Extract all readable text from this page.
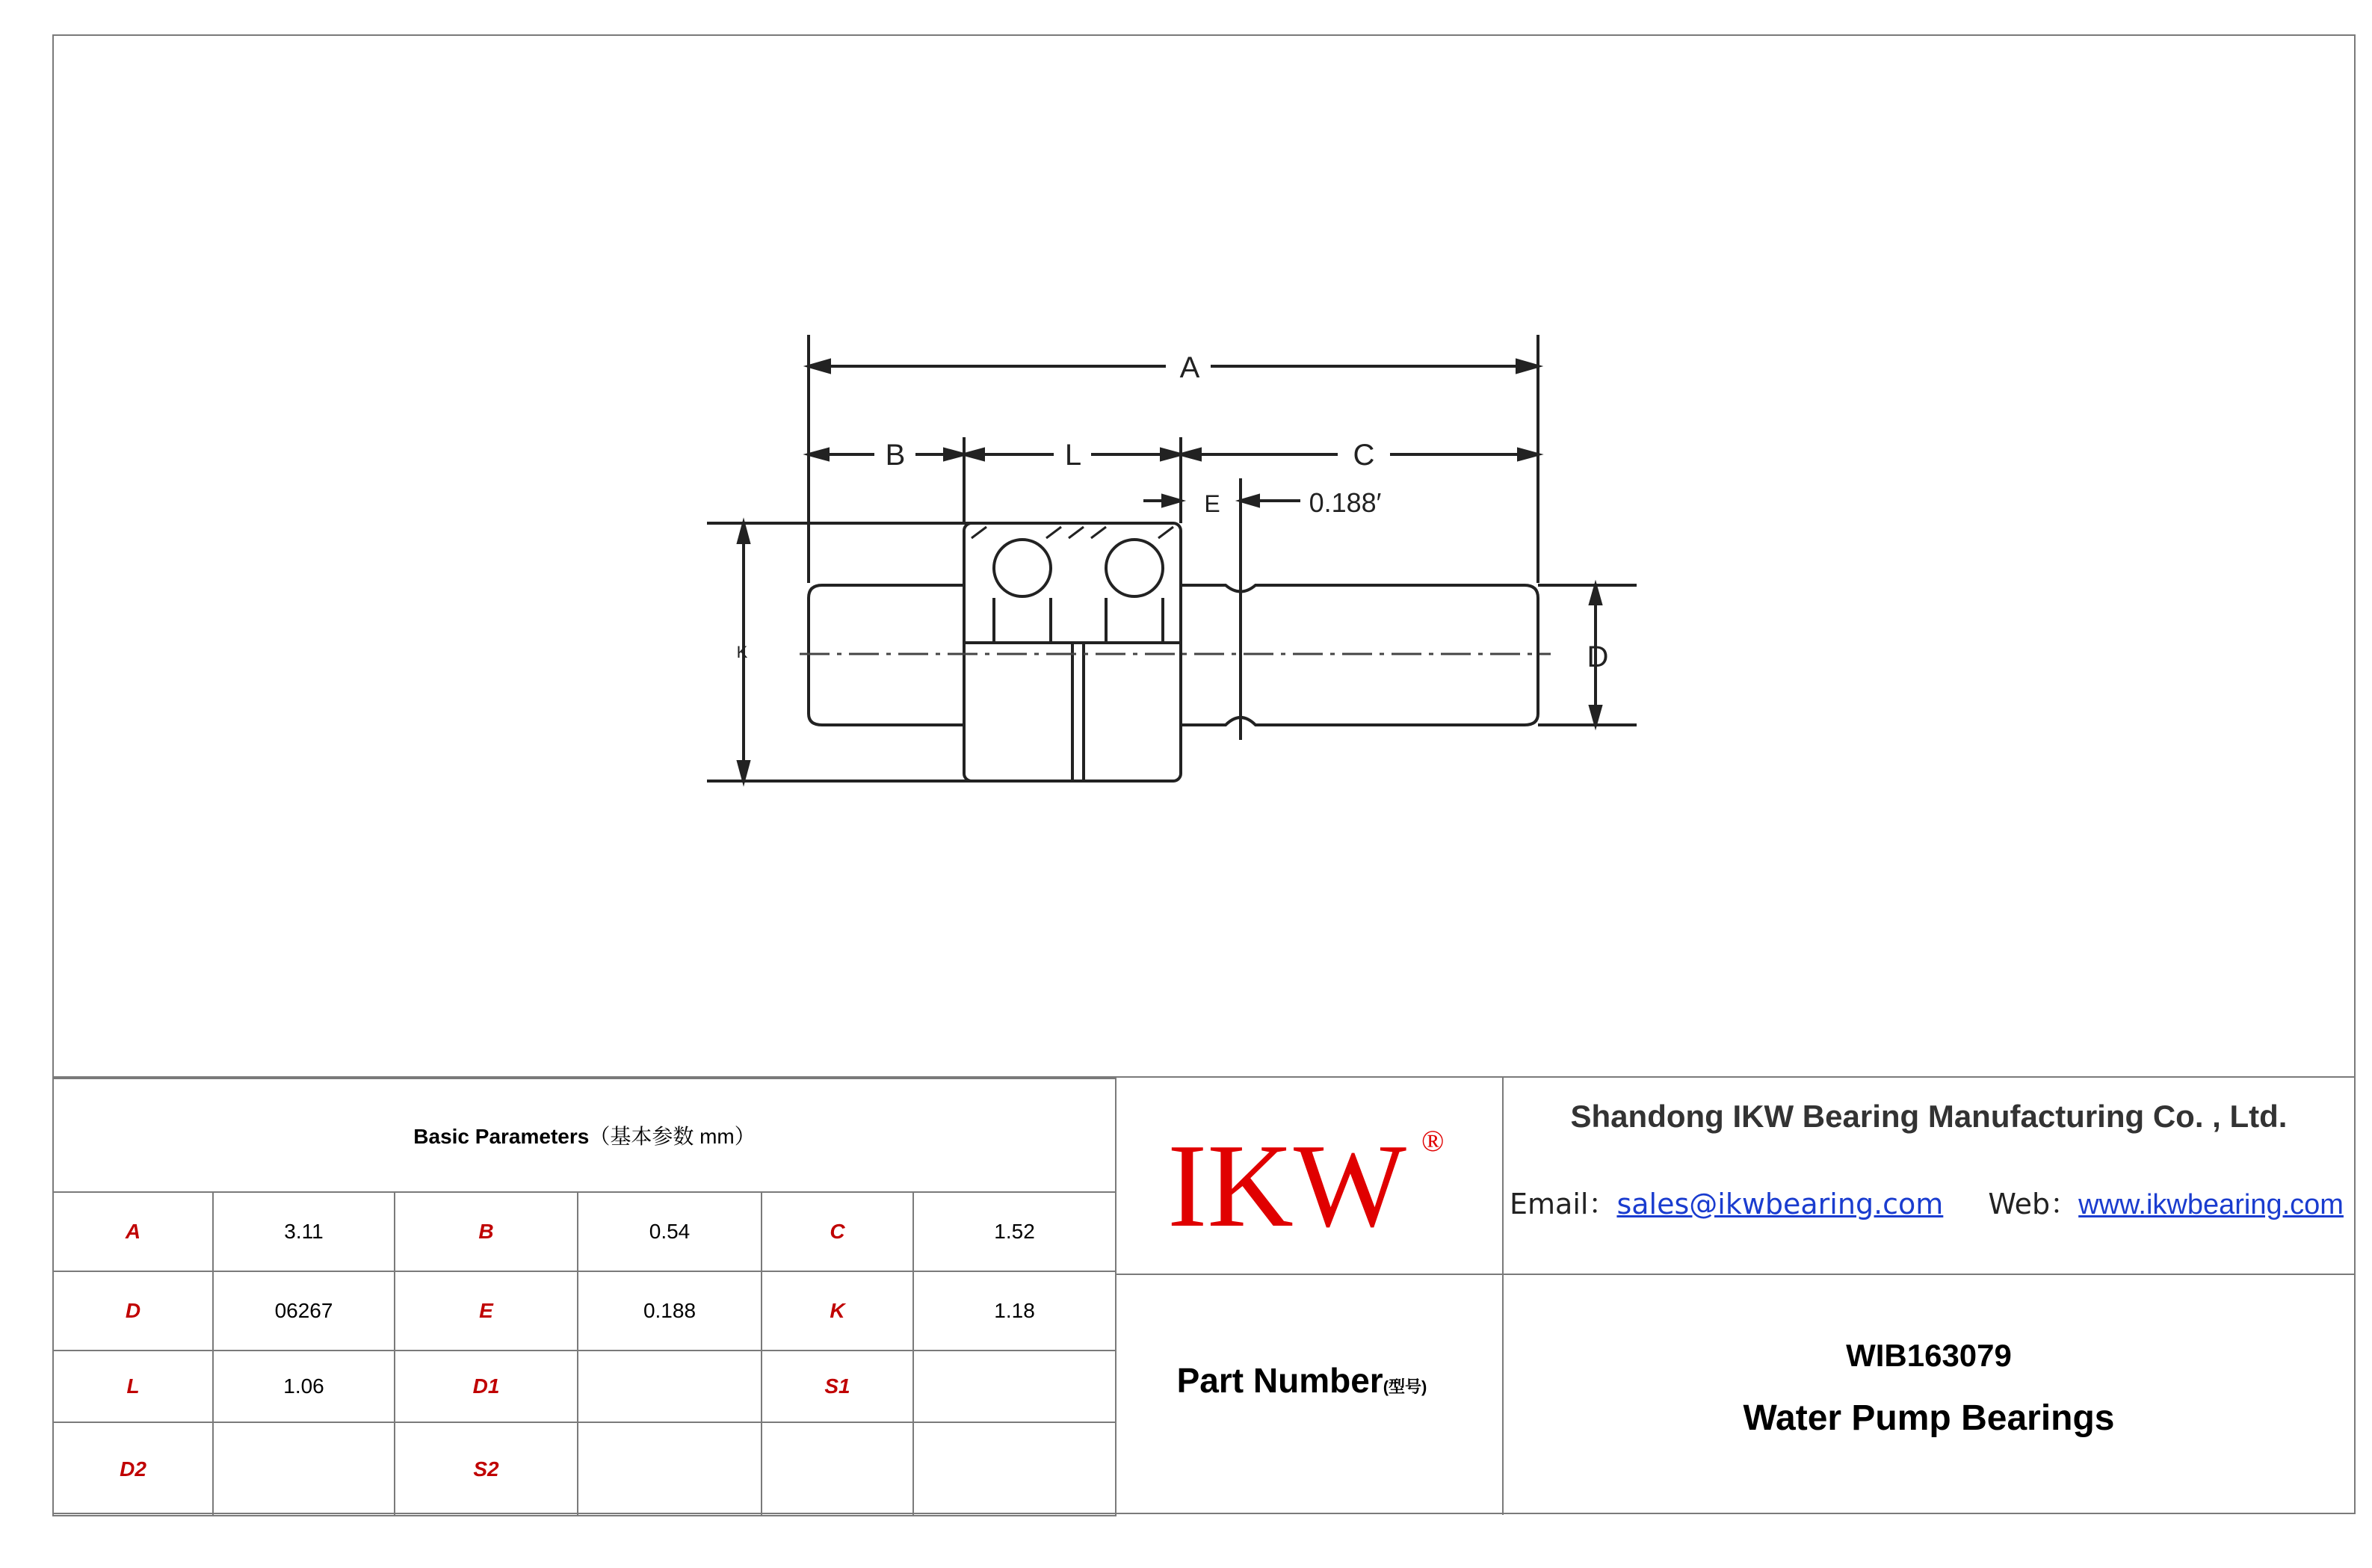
A
B	L	C
E	0.188′
K	D
Basic Parameters（基本参数 mm）					
A	3.11	B	0.54	C	1.52
D	06267	E	0.188	K	1.18
L	1.06	D1		S1	
D2		S2			
IKW ®
Shandong IKW Bearing Manufacturing Co. , Ltd.
Email：sales@ikwbearing.com Web：www.ikwbearing.com
Part Number(型号)
WIB163079
Water Pump Bearings
